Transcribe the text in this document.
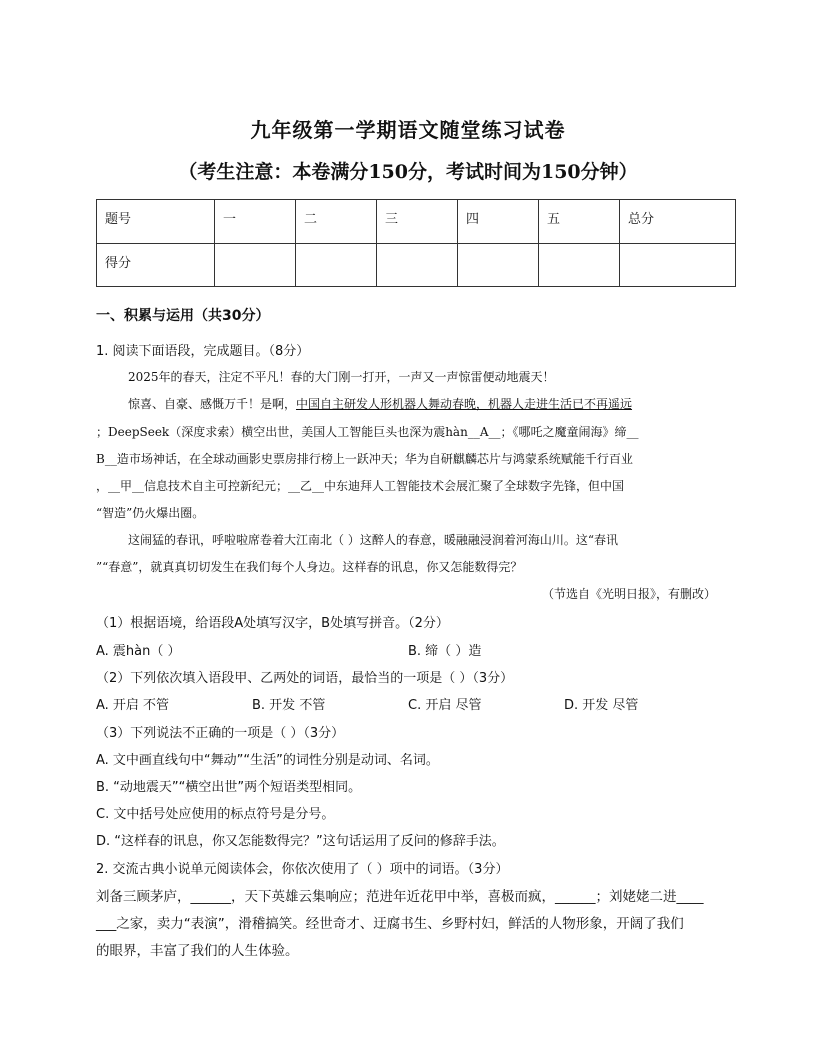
九年级第一学期语文随堂练习试卷
（考生注意：本卷满分150分，考试时间为150分钟）
题号	一	二	三	四	五	总分
得分						
一、积累与运用（共30分）
1. 阅读下面语段，完成题目。（8分）
2025年的春天，注定不平凡！春的大门刚一打开，一声又一声惊雷便动地震天！
惊喜、自豪、感慨万千！是啊，中国自主研发人形机器人舞动春晚，机器人走进生活已不再遥远
；DeepSeek（深度求索）横空出世，美国人工智能巨头也深为震hàn__A__；《哪吒之魔童闹海》缔__
B__造市场神话，在全球动画影史票房排行榜上一跃冲天；华为自研麒麟芯片与鸿蒙系统赋能千行百业
，__甲__信息技术自主可控新纪元；__乙__中东迪拜人工智能技术会展汇聚了全球数字先锋，但中国
“智造”仍火爆出圈。
这闹猛的春讯，呼啦啦席卷着大江南北（ ）这醉人的春意，暖融融浸润着河海山川。这“春讯
”“春意”，就真真切切发生在我们每个人身边。这样春的讯息，你又怎能数得完？
（节选自《光明日报》，有删改）
（1）根据语境，给语段A处填写汉字，B处填写拼音。（2分）
A. 震hàn（ ）	B. 缔（ ）造
（2）下列依次填入语段甲、乙两处的词语，最恰当的一项是（ ）（3分）
A. 开启 不管	B. 开发 不管	C. 开启 尽管	D. 开发 尽管
（3）下列说法不正确的一项是（ ）（3分）
A. 文中画直线句中“舞动”“生活”的词性分别是动词、名词。
B. “动地震天”“横空出世”两个短语类型相同。
C. 文中括号处应使用的标点符号是分号。
D. “这样春的讯息，你又怎能数得完？”这句话运用了反问的修辞手法。
2. 交流古典小说单元阅读体会，你依次使用了（ ）项中的词语。（3分）
刘备三顾茅庐，______，天下英雄云集响应；范进年近花甲中举，喜极而疯，______；刘姥姥二进____
___之家，卖力“表演”，滑稽搞笑。经世奇才、迂腐书生、乡野村妇，鲜活的人物形象，开阔了我们
的眼界，丰富了我们的人生体验。
